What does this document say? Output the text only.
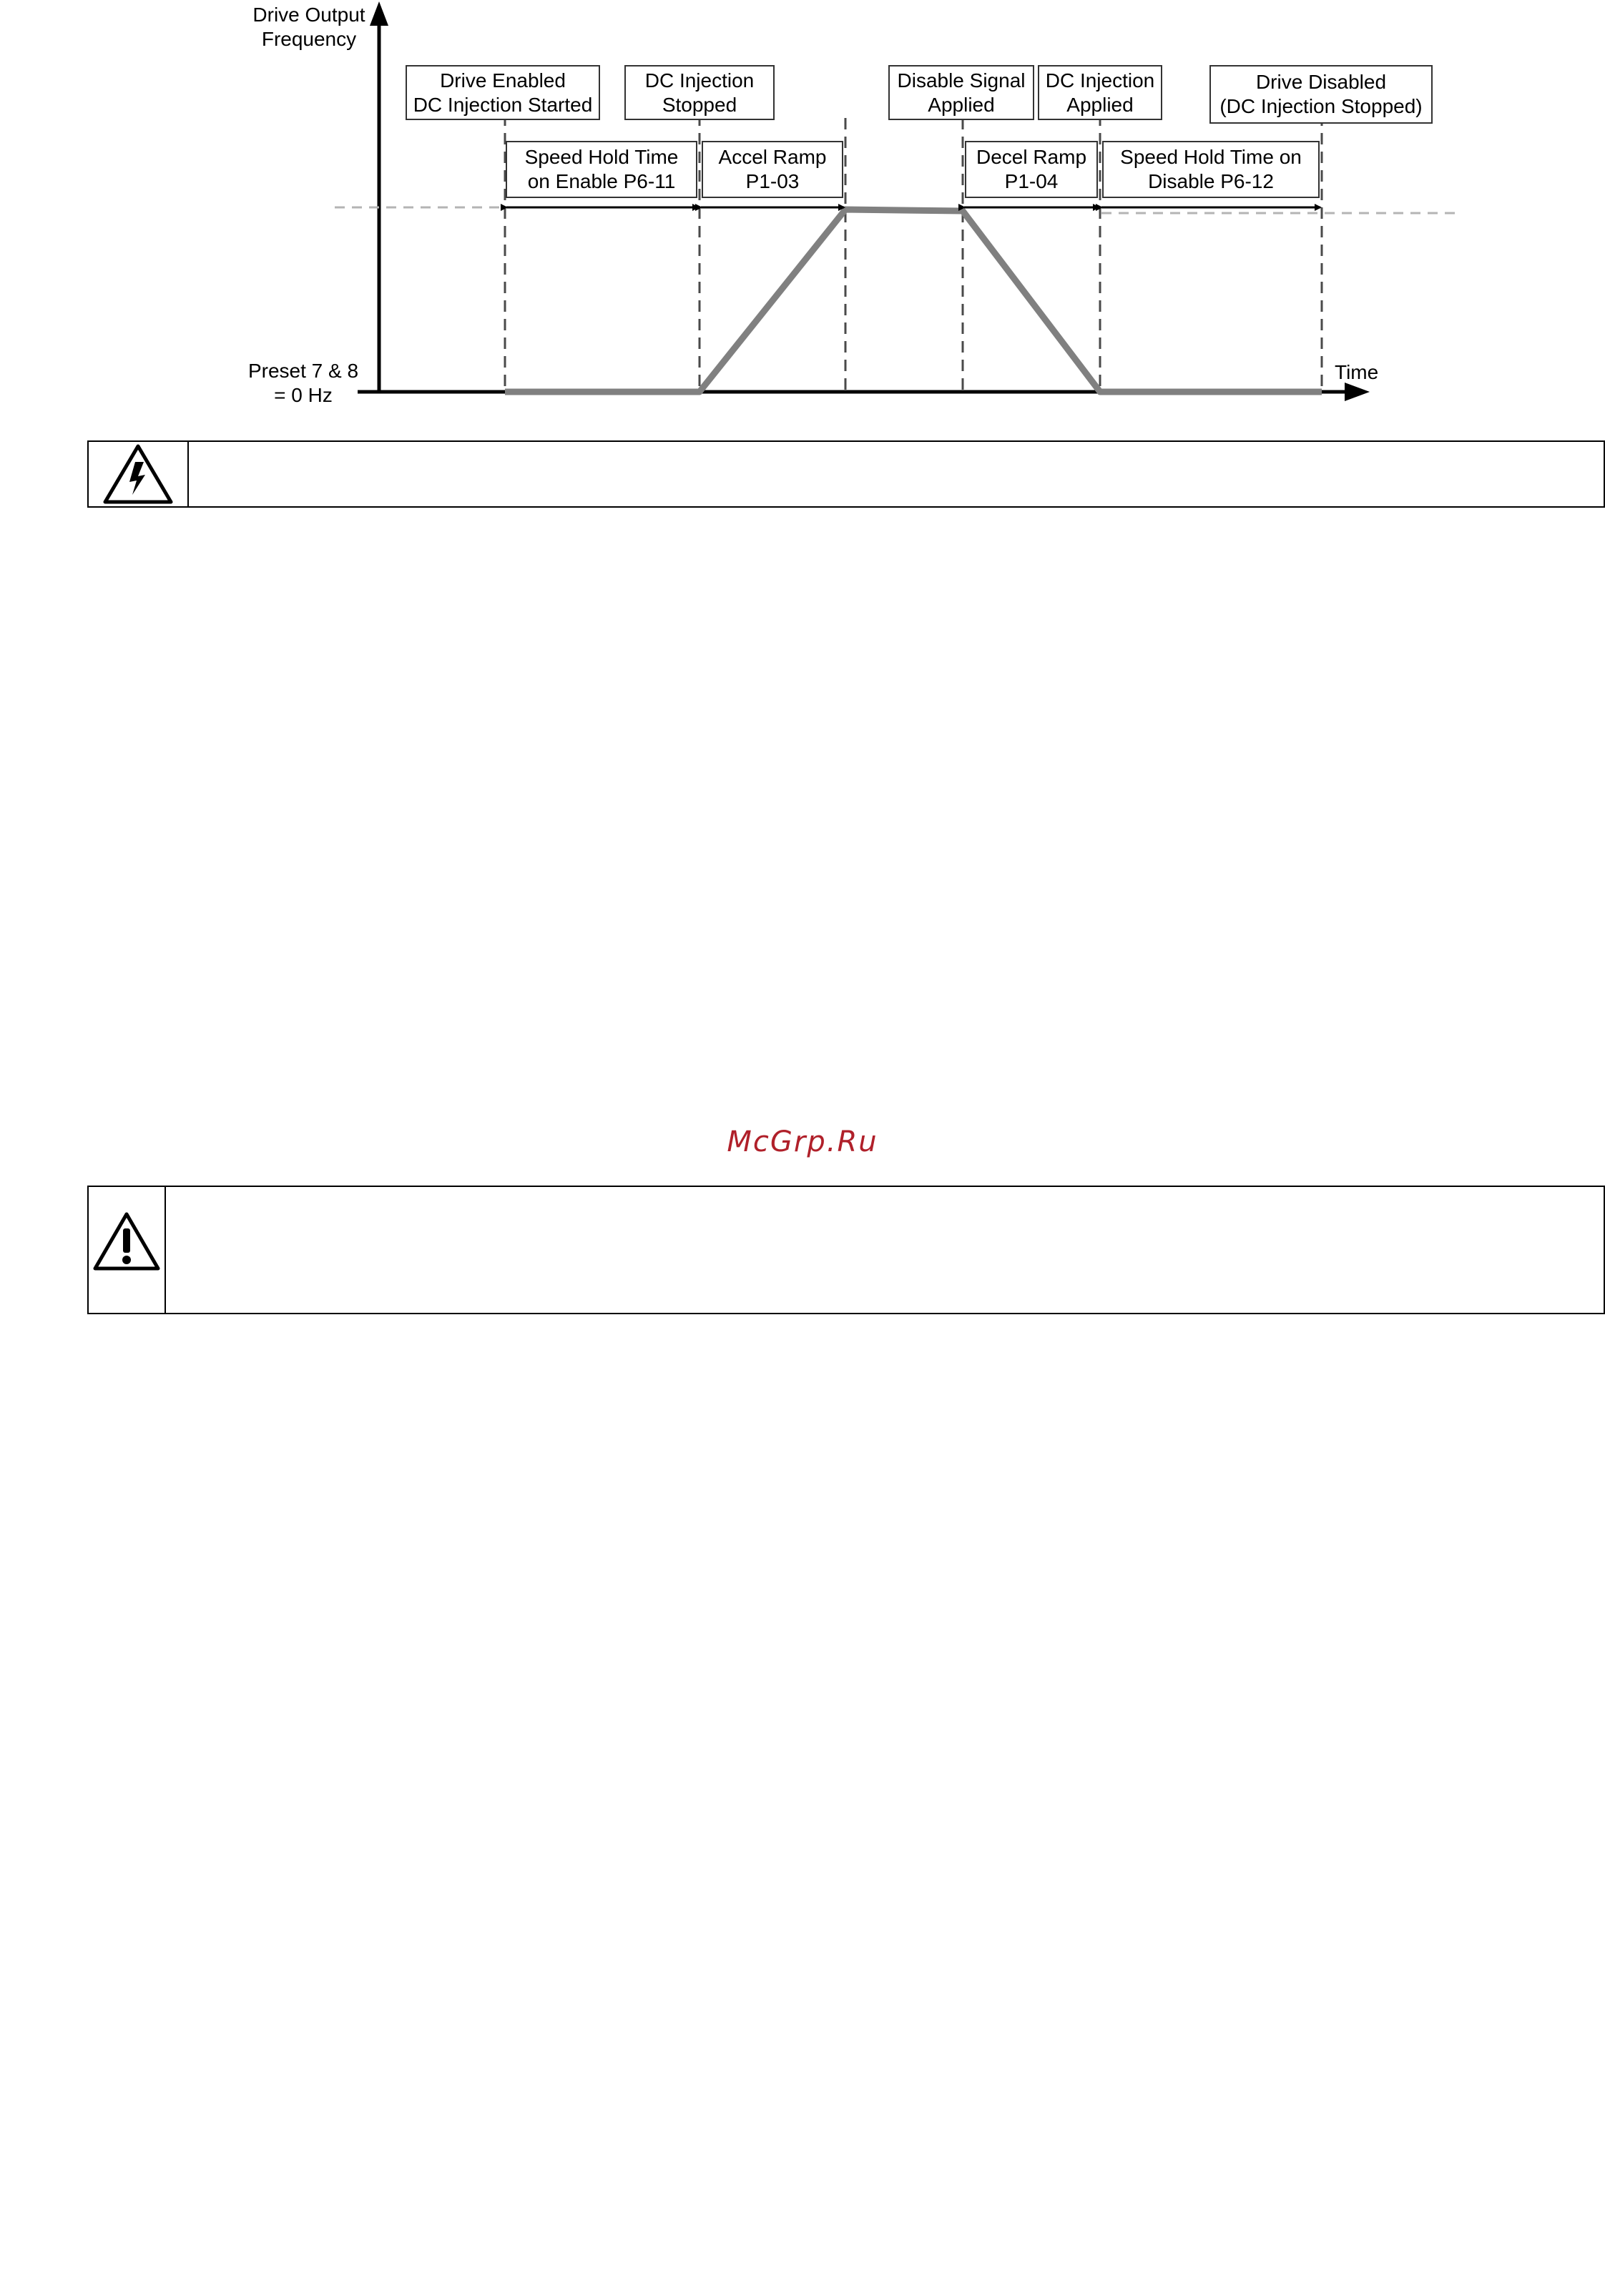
Drive Output
Frequency
Time
Preset 7 & 8
= 0 Hz
Drive Enabled
DC Injection Started
DC Injection
Stopped
Disable Signal
Applied
DC Injection
Applied
Drive Disabled
(DC Injection Stopped)
Speed Hold Time
on Enable P6-11
Accel Ramp
P1-03
Decel Ramp
P1-04
Speed Hold Time on
Disable P6-12
McGrp.Ru
